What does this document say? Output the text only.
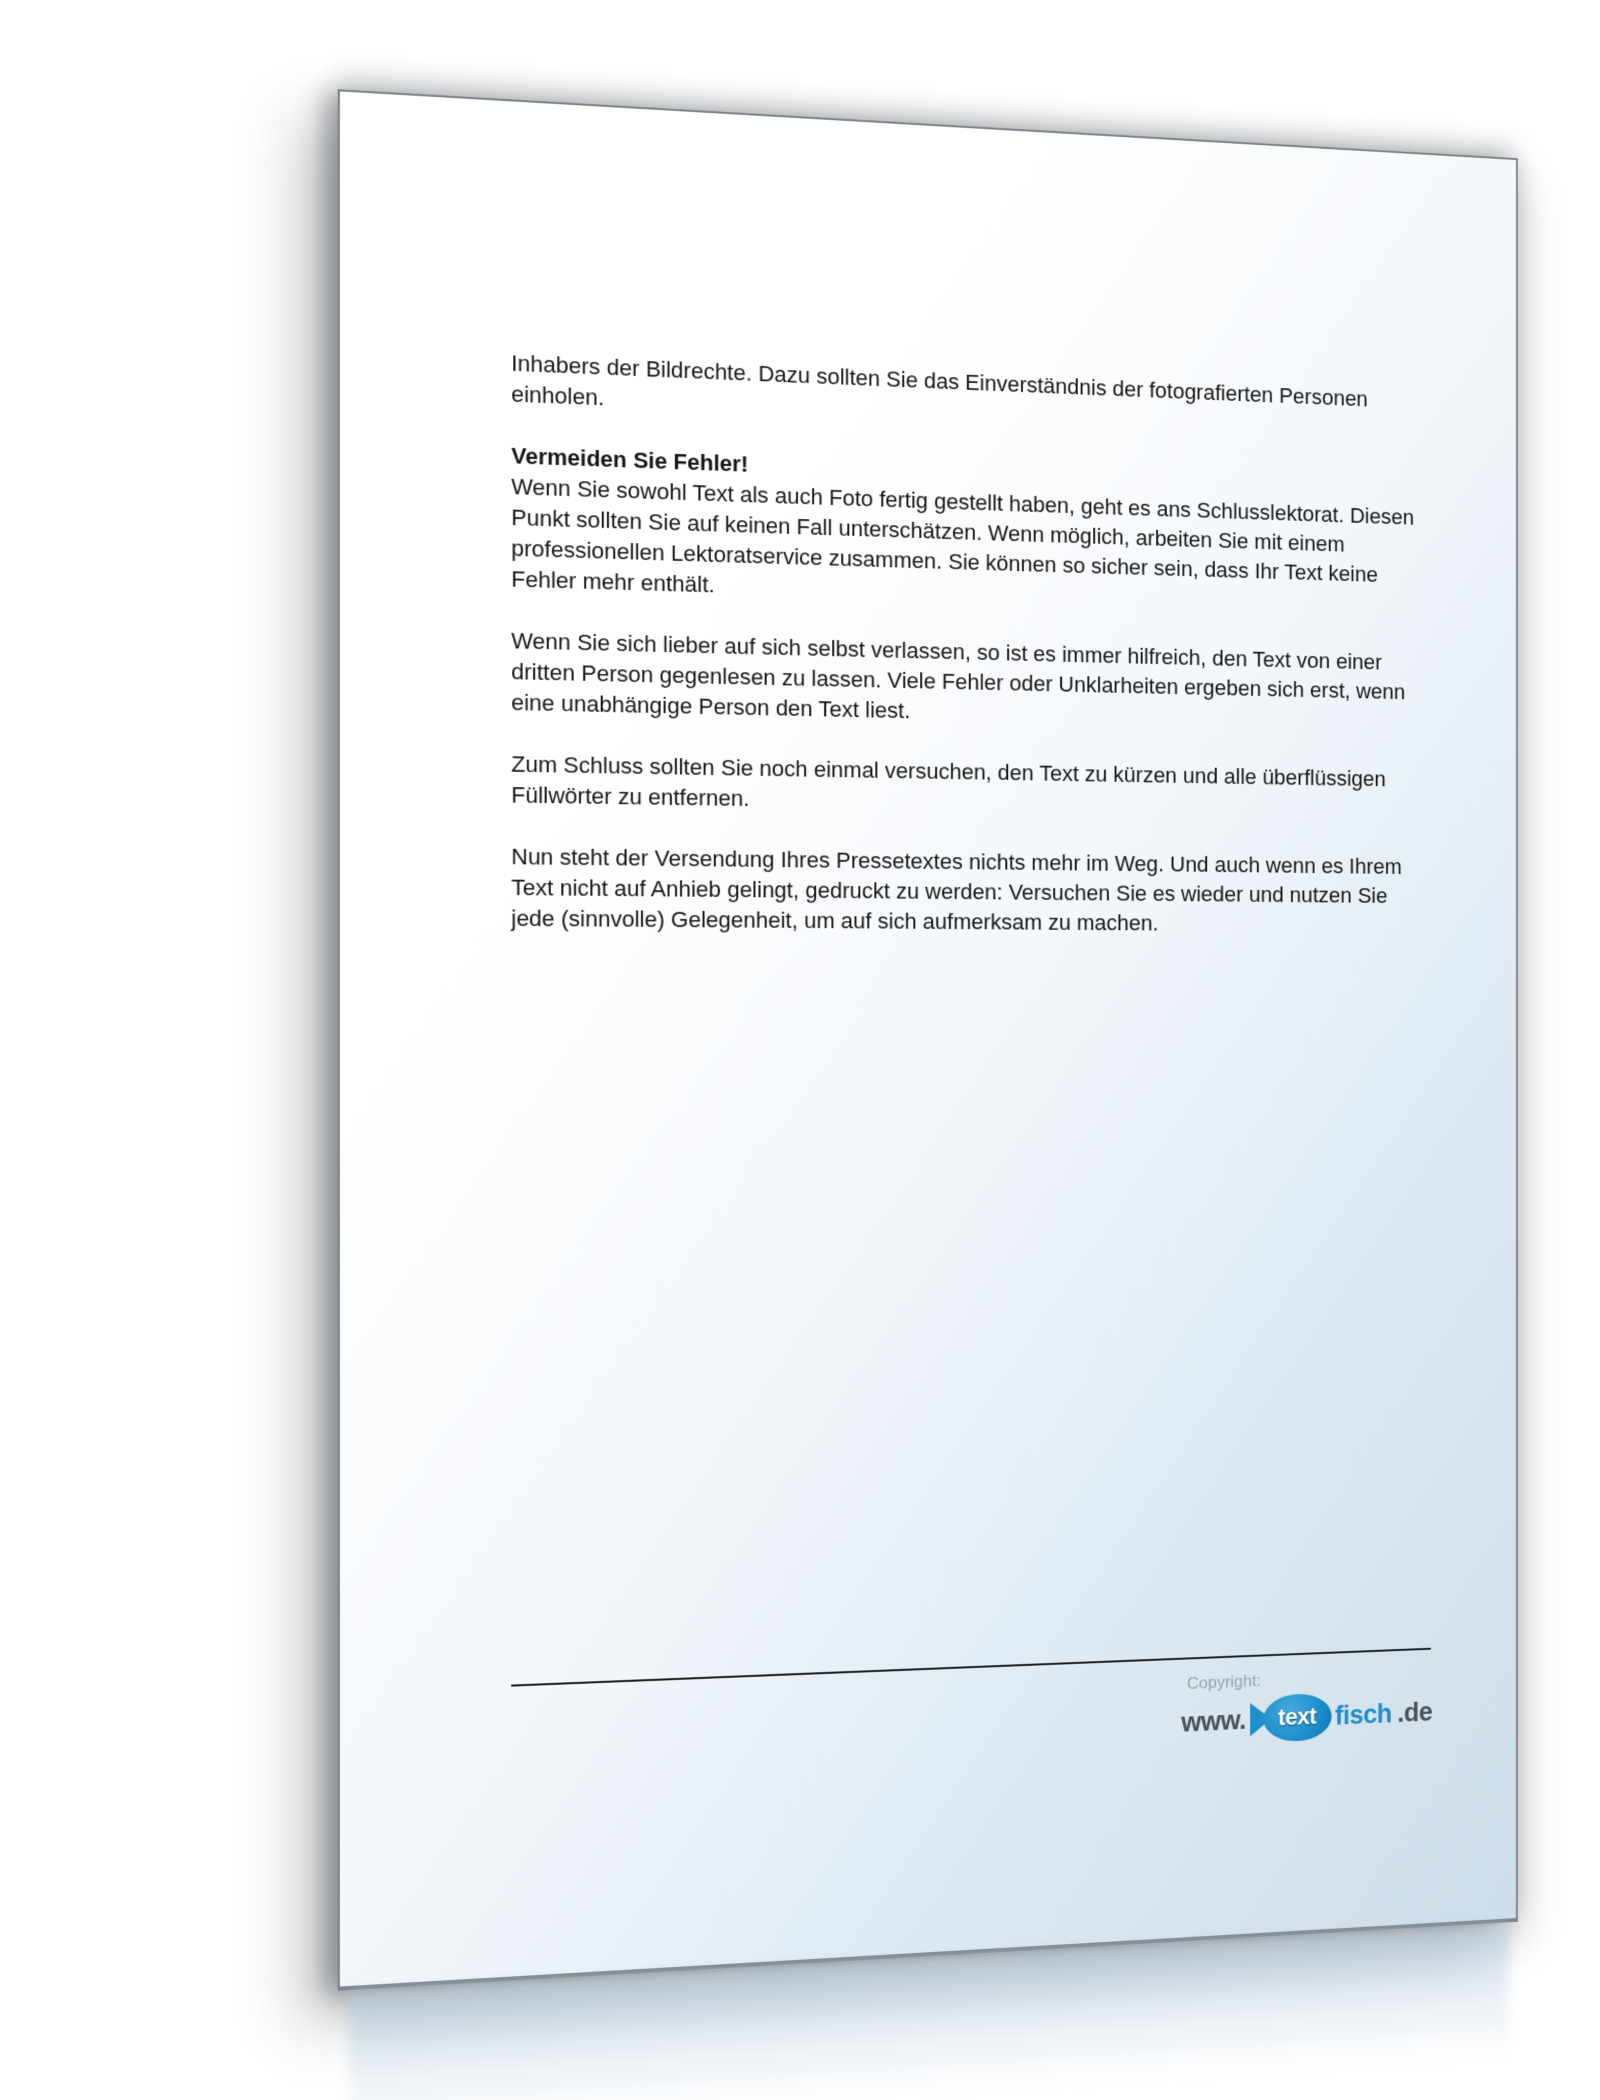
Inhabers der Bildrechte. Dazu sollten Sie das Einverständnis der fotografierten Personen einholen.

Vermeiden Sie Fehler!

Wenn Sie sowohl Text als auch Foto fertig gestellt haben, geht es ans Schlusslektorat. Diesen Punkt sollten Sie auf keinen Fall unterschätzen. Wenn möglich, arbeiten Sie mit einem professionellen Lektoratservice zusammen. Sie können so sicher sein, dass Ihr Text keine Fehler mehr enthält.

Wenn Sie sich lieber auf sich selbst verlassen, so ist es immer hilfreich, den Text von einer dritten Person gegenlesen zu lassen. Viele Fehler oder Unklarheiten ergeben sich erst, wenn eine unabhängige Person den Text liest.

Zum Schluss sollten Sie noch einmal versuchen, den Text zu kürzen und alle überflüssigen Füllwörter zu entfernen.

Nun steht der Versendung Ihres Pressetextes nichts mehr im Weg. Und auch wenn es Ihrem Text nicht auf Anhieb gelingt, gedruckt zu werden: Versuchen Sie es wieder und nutzen Sie jede (sinnvolle) Gelegenheit, um auf sich aufmerksam zu machen.

Copyright:
www. text fisch .de
